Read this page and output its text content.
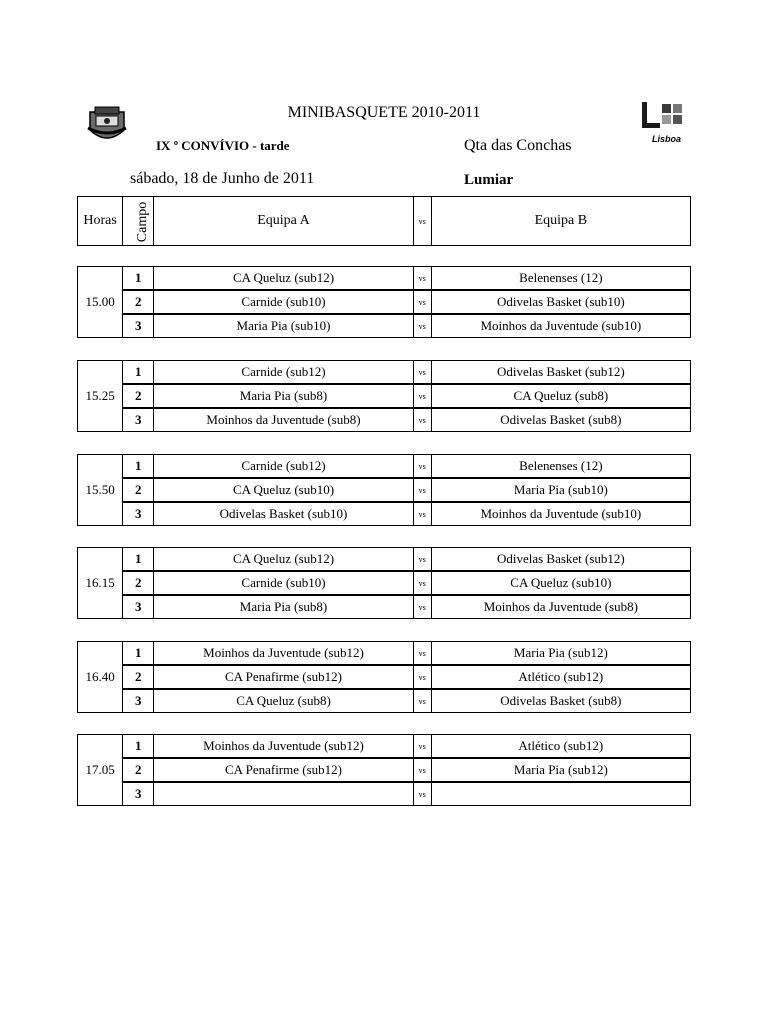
Lisboa
MINIBASQUETE 2010-2011
IX º CONVÍVIO - tarde	Qta das Conchas
sábado, 18 de Junho de 2011	Lumiar
Horas	Campo	Equipa A	vs	Equipa B
15.00	1	CA Queluz (sub12)	vs	Belenenses (12)
	2	Carnide (sub10)	vs	Odivelas Basket (sub10)
	3	Maria Pia (sub10)	vs	Moinhos da Juventude (sub10)
15.25	1	Carnide (sub12)	vs	Odivelas Basket (sub12)
	2	Maria Pia (sub8)	vs	CA Queluz (sub8)
	3	Moinhos da Juventude (sub8)	vs	Odivelas Basket (sub8)
15.50	1	Carnide (sub12)	vs	Belenenses (12)
	2	CA Queluz (sub10)	vs	Maria Pia (sub10)
	3	Odivelas Basket (sub10)	vs	Moinhos da Juventude (sub10)
16.15	1	CA Queluz (sub12)	vs	Odivelas Basket (sub12)
	2	Carnide (sub10)	vs	CA Queluz (sub10)
	3	Maria Pia (sub8)	vs	Moinhos da Juventude (sub8)
16.40	1	Moinhos da Juventude (sub12)	vs	Maria Pia (sub12)
	2	CA Penafirme (sub12)	vs	Atlético (sub12)
	3	CA Queluz (sub8)	vs	Odivelas Basket (sub8)
17.05	1	Moinhos da Juventude (sub12)	vs	Atlético (sub12)
	2	CA Penafirme (sub12)	vs	Maria Pia (sub12)
	3		vs	
